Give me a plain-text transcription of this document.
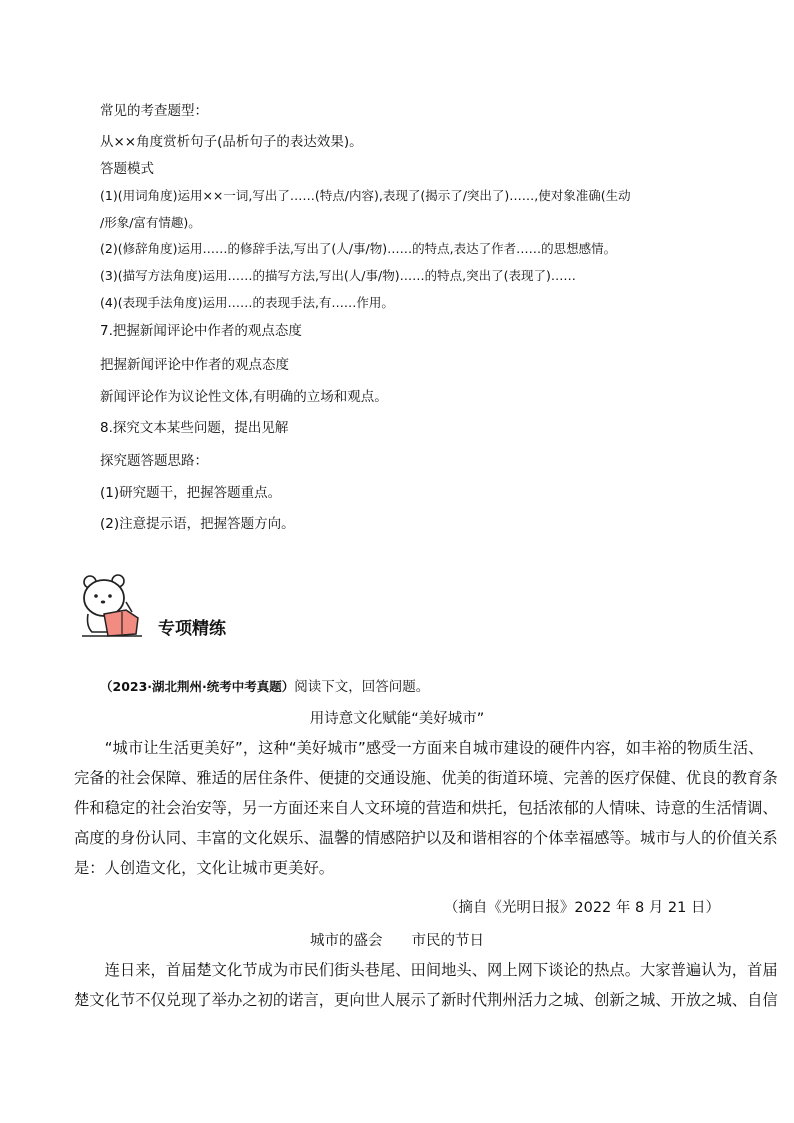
常见的考查题型：
从××角度赏析句子(品析句子的表达效果)。
答题模式
(1)(用词角度)运用××一词,写出了……(特点/内容),表现了(揭示了/突出了)……,使对象准确(生动
/形象/富有情趣)。
(2)(修辞角度)运用……的修辞手法,写出了(人/事/物)……的特点,表达了作者……的思想感情。
(3)(描写方法角度)运用……的描写方法,写出(人/事/物)……的特点,突出了(表现了)……
(4)(表现手法角度)运用……的表现手法,有……作用。
7.把握新闻评论中作者的观点态度
把握新闻评论中作者的观点态度
新闻评论作为议论性文体,有明确的立场和观点。
8.探究文本某些问题，提出见解
探究题答题思路：
(1)研究题干，把握答题重点。
(2)注意提示语，把握答题方向。
专项精练
（2023·湖北荆州·统考中考真题）阅读下文，回答问题。
用诗意文化赋能“美好城市”
　　“城市让生活更美好”，这种“美好城市”感受一方面来自城市建设的硬件内容，如丰裕的物质生活、
完备的社会保障、雅适的居住条件、便捷的交通设施、优美的街道环境、完善的医疗保健、优良的教育条
件和稳定的社会治安等，另一方面还来自人文环境的营造和烘托，包括浓郁的人情味、诗意的生活情调、
高度的身份认同、丰富的文化娱乐、温馨的情感陪护以及和谐相容的个体幸福感等。城市与人的价值关系
是：人创造文化，文化让城市更美好。
（摘自《光明日报》2022 年 8 月 21 日）
城市的盛会　　市民的节日
　　连日来，首届楚文化节成为市民们街头巷尾、田间地头、网上网下谈论的热点。大家普遍认为，首届
楚文化节不仅兑现了举办之初的诺言，更向世人展示了新时代荆州活力之城、创新之城、开放之城、自信
